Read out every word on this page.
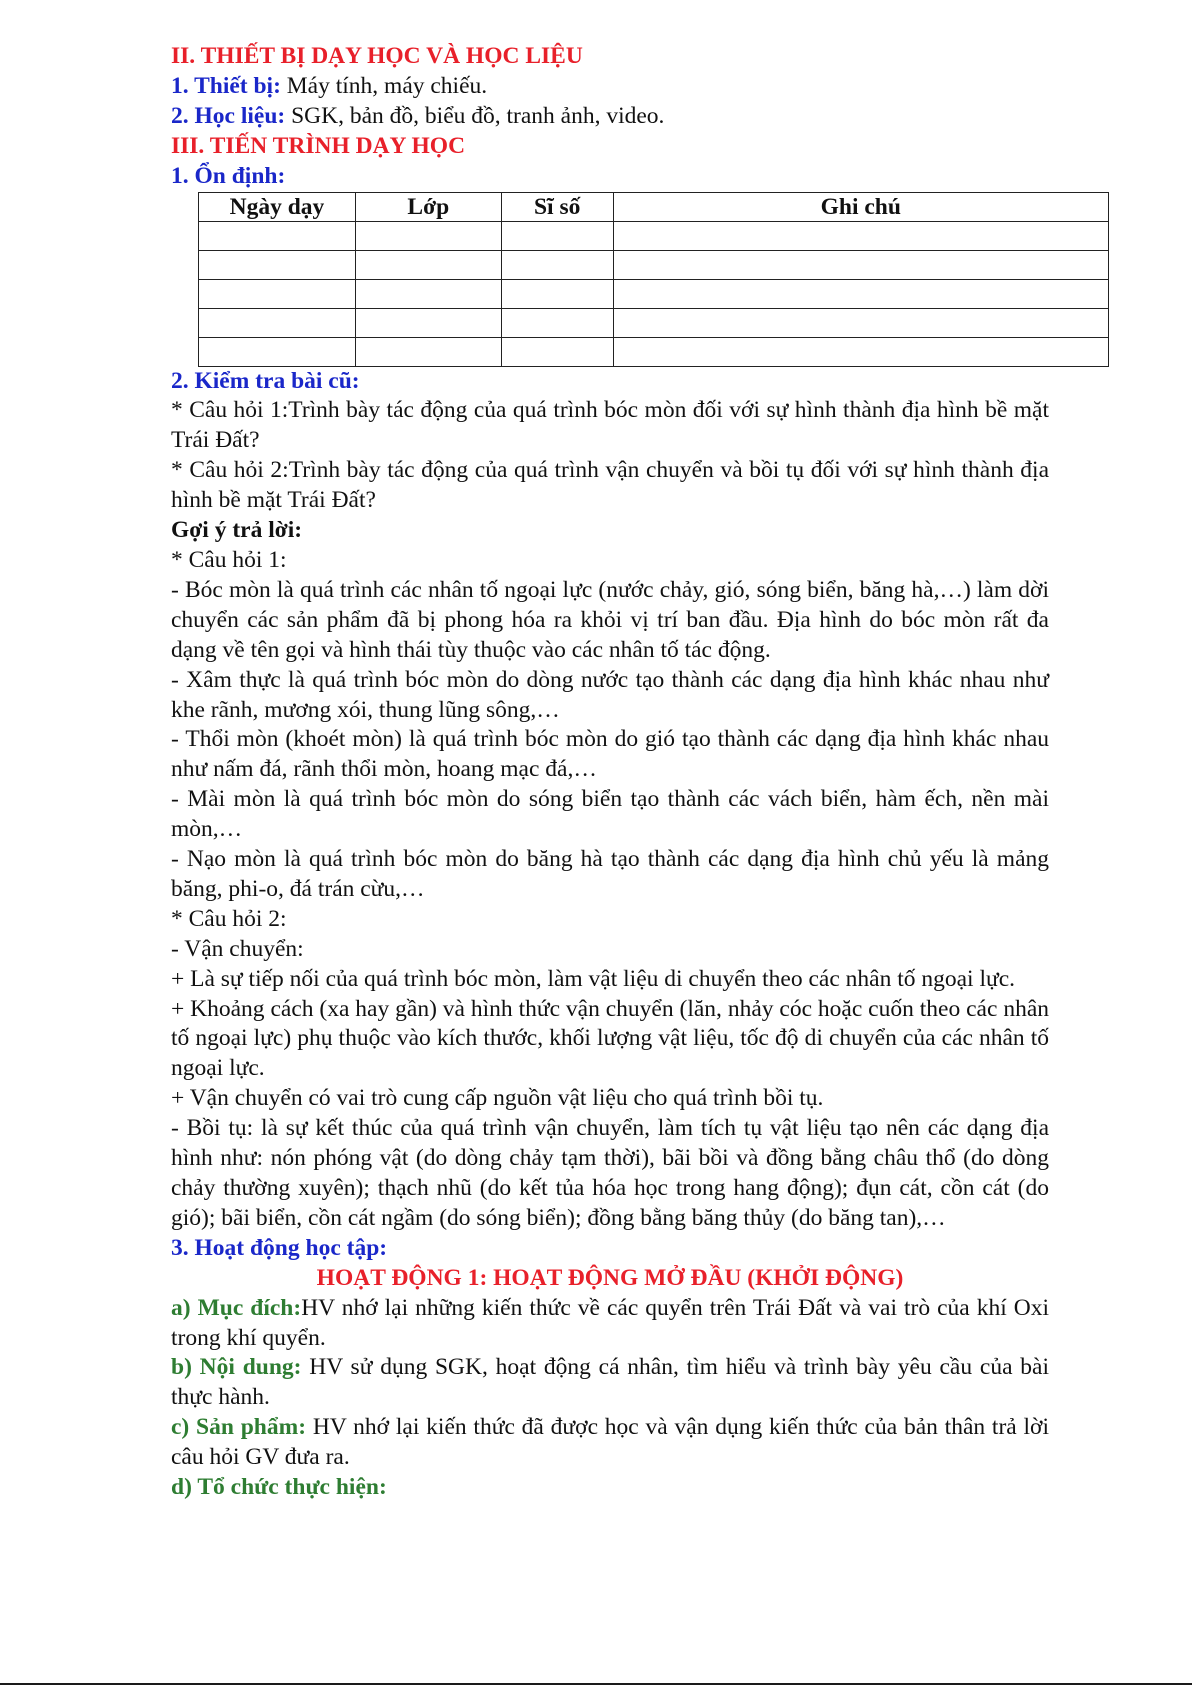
II. THIẾT BỊ DẠY HỌC VÀ HỌC LIỆU

1. Thiết bị: Máy tính, máy chiếu.

2. Học liệu: SGK, bản đồ, biểu đồ, tranh ảnh, video.

III. TIẾN TRÌNH DẠY HỌC

1. Ổn định:

Ngày dạy	Lớp	Sĩ số	Ghi chú

2. Kiểm tra bài cũ:

* Câu hỏi 1:Trình bày tác động của quá trình bóc mòn đối với sự hình thành địa hình bề mặt Trái Đất?

* Câu hỏi 2:Trình bày tác động của quá trình vận chuyển và bồi tụ đối với sự hình thành địa hình bề mặt Trái Đất?

Gợi ý trả lời:

* Câu hỏi 1:

- Bóc mòn là quá trình các nhân tố ngoại lực (nước chảy, gió, sóng biển, băng hà,…) làm dời chuyển các sản phẩm đã bị phong hóa ra khỏi vị trí ban đầu. Địa hình do bóc mòn rất đa dạng về tên gọi và hình thái tùy thuộc vào các nhân tố tác động.

- Xâm thực là quá trình bóc mòn do dòng nước tạo thành các dạng địa hình khác nhau như khe rãnh, mương xói, thung lũng sông,…

- Thổi mòn (khoét mòn) là quá trình bóc mòn do gió tạo thành các dạng địa hình khác nhau như nấm đá, rãnh thổi mòn, hoang mạc đá,…

- Mài mòn là quá trình bóc mòn do sóng biển tạo thành các vách biển, hàm ếch, nền mài mòn,…

- Nạo mòn là quá trình bóc mòn do băng hà tạo thành các dạng địa hình chủ yếu là mảng băng, phi-o, đá trán cừu,…

* Câu hỏi 2:

- Vận chuyển:

+ Là sự tiếp nối của quá trình bóc mòn, làm vật liệu di chuyển theo các nhân tố ngoại lực.

+ Khoảng cách (xa hay gần) và hình thức vận chuyển (lăn, nhảy cóc hoặc cuốn theo các nhân tố ngoại lực) phụ thuộc vào kích thước, khối lượng vật liệu, tốc độ di chuyển của các nhân tố ngoại lực.

+ Vận chuyển có vai trò cung cấp nguồn vật liệu cho quá trình bồi tụ.

- Bồi tụ: là sự kết thúc của quá trình vận chuyển, làm tích tụ vật liệu tạo nên các dạng địa hình như: nón phóng vật (do dòng chảy tạm thời), bãi bồi và đồng bằng châu thổ (do dòng chảy thường xuyên); thạch nhũ (do kết tủa hóa học trong hang động); đụn cát, cồn cát (do gió); bãi biển, cồn cát ngầm (do sóng biển); đồng bằng băng thủy (do băng tan),…

3. Hoạt động học tập:

HOẠT ĐỘNG 1: HOẠT ĐỘNG MỞ ĐẦU (KHỞI ĐỘNG)

a) Mục đích:HV nhớ lại những kiến thức về các quyển trên Trái Đất và vai trò của khí Oxi trong khí quyển.

b) Nội dung: HV sử dụng SGK, hoạt động cá nhân, tìm hiểu và trình bày yêu cầu của bài thực hành.

c) Sản phẩm: HV nhớ lại kiến thức đã được học và vận dụng kiến thức của bản thân trả lời câu hỏi GV đưa ra.

d) Tổ chức thực hiện:
